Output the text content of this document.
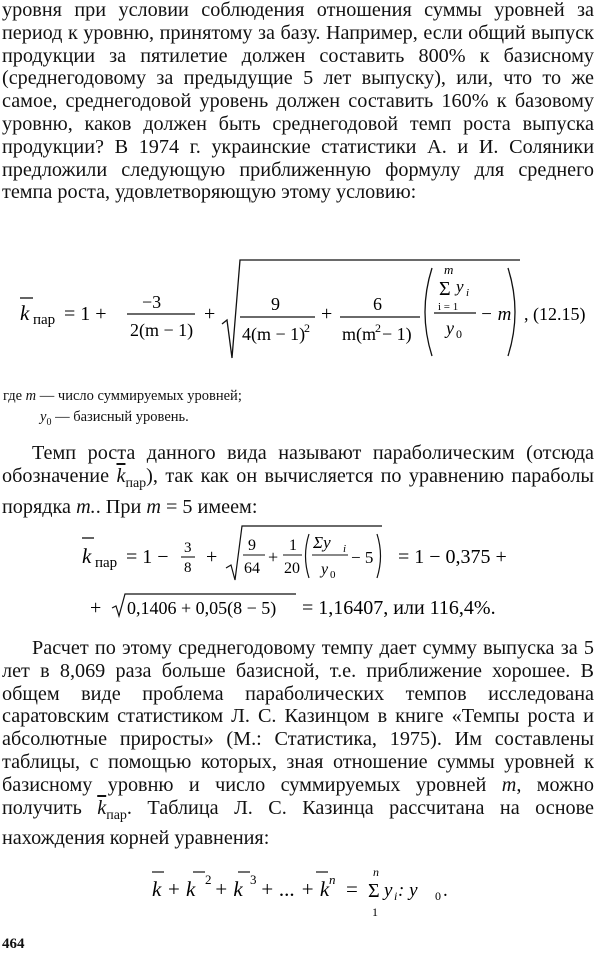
уровня при условии соблюдения отношения суммы уровней за период к уровню, принятому за базу. Например, если общий выпуск продукции за пятилетие должен составить 800% к базисному (среднегодовому за предыдущие 5 лет выпуску), или, что то же самое, среднегодовой уровень должен составить 160% к базовому уровню, каков должен быть среднегодовой темп роста выпуска продукции? В 1974 г. украинские статистики А. и И. Соляники предложили следующую приближенную формулу для среднего темпа роста, удовлетворяющую этому условию:
k пар = 1 +
−3
2(m − 1)
+	9
4(m − 1)
2
+ 6
m(m 2 − 1)
m
Σ y i
i = 1
y 0
− m , (12.15)
где m — число суммируемых уровней;
$y_0$ — базисный уровень.
Темп роста данного вида называют параболическим (отсюда обозначение $\overline{k}_{пар}$), так как он вычисляется по уравнению параболы порядка m.. При m = 5 имеем:
k пар = 1 − 3
8 +
9
64
+
1
20
Σy i
y 0
− 5 = 1 − 0,375 +
+ 0,1406 + 0,05(8 − 5) = 1,16407, или 116,4%.
Расчет по этому среднегодовому темпу дает сумму выпуска за 5 лет в 8,069 раза больше базисной, т.е. приближение хорошее. В общем виде проблема параболических темпов исследована саратовским статистиком Л. С. Казинцом в книге «Темпы роста и абсолютные приросты» (М.: Статистика, 1975). Им составлены таблицы, с помощью которых, зная отношение суммы уровней к базисному уровню и число суммируемых уровней m, можно получить $\overline{k}_{пар}$. Таблица Л. С. Казинца рассчитана на основе нахождения корней уравнения:
k + k 2 + k 3 + ... + k n =
n
Σ
1
y i : y 0 .
464
